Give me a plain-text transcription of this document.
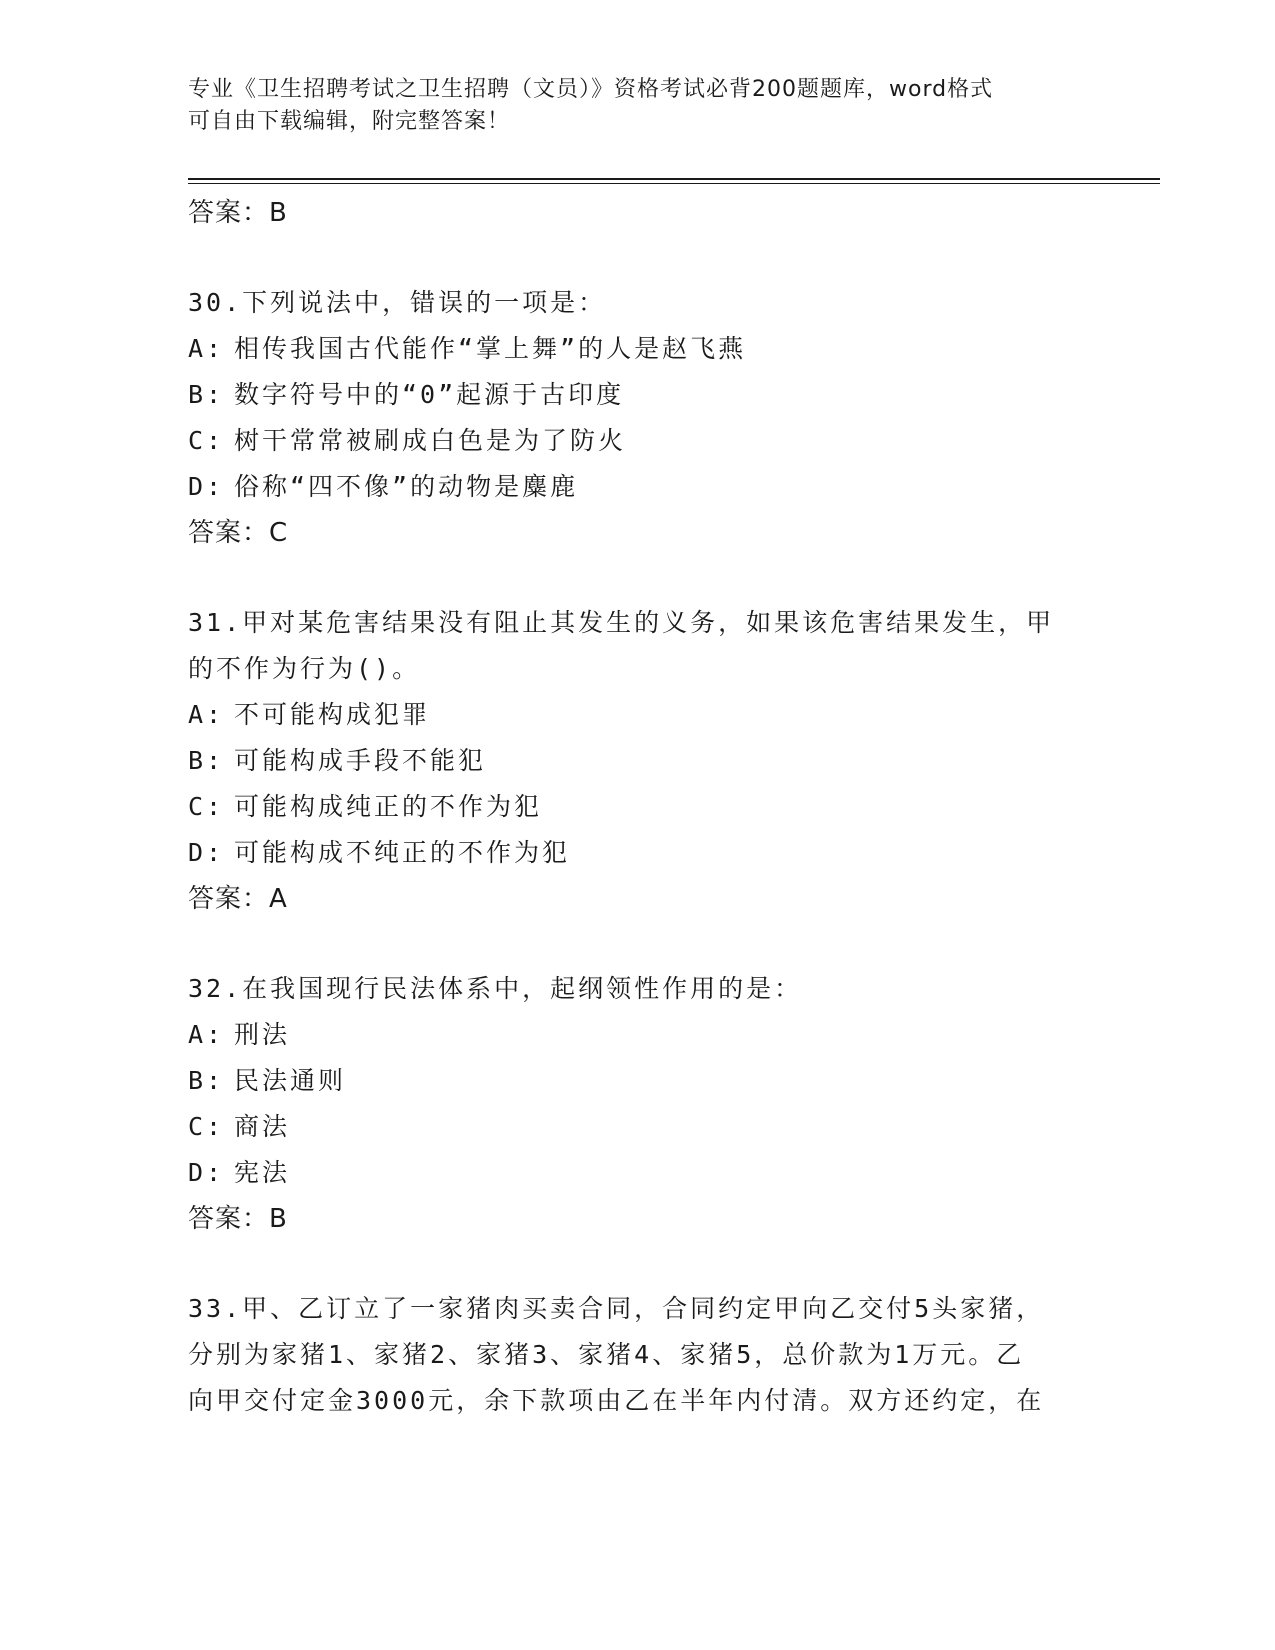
专业《卫生招聘考试之卫生招聘（文员）》资格考试必背200题题库，word格式
可自由下载编辑，附完整答案！
答案：B
30.下列说法中，错误的一项是：
A: 相传我国古代能作“掌上舞”的人是赵飞燕
B: 数字符号中的“0”起源于古印度
C: 树干常常被刷成白色是为了防火
D: 俗称“四不像”的动物是麋鹿
答案：C
31.甲对某危害结果没有阻止其发生的义务，如果该危害结果发生，甲
的不作为行为()。
A: 不可能构成犯罪
B: 可能构成手段不能犯
C: 可能构成纯正的不作为犯
D: 可能构成不纯正的不作为犯
答案：A
32.在我国现行民法体系中，起纲领性作用的是：
A: 刑法
B: 民法通则
C: 商法
D: 宪法
答案：B
33.甲、乙订立了一家猪肉买卖合同，合同约定甲向乙交付5头家猪，
分别为家猪1、家猪2、家猪3、家猪4、家猪5，总价款为1万元。乙
向甲交付定金3000元，余下款项由乙在半年内付清。双方还约定，在
